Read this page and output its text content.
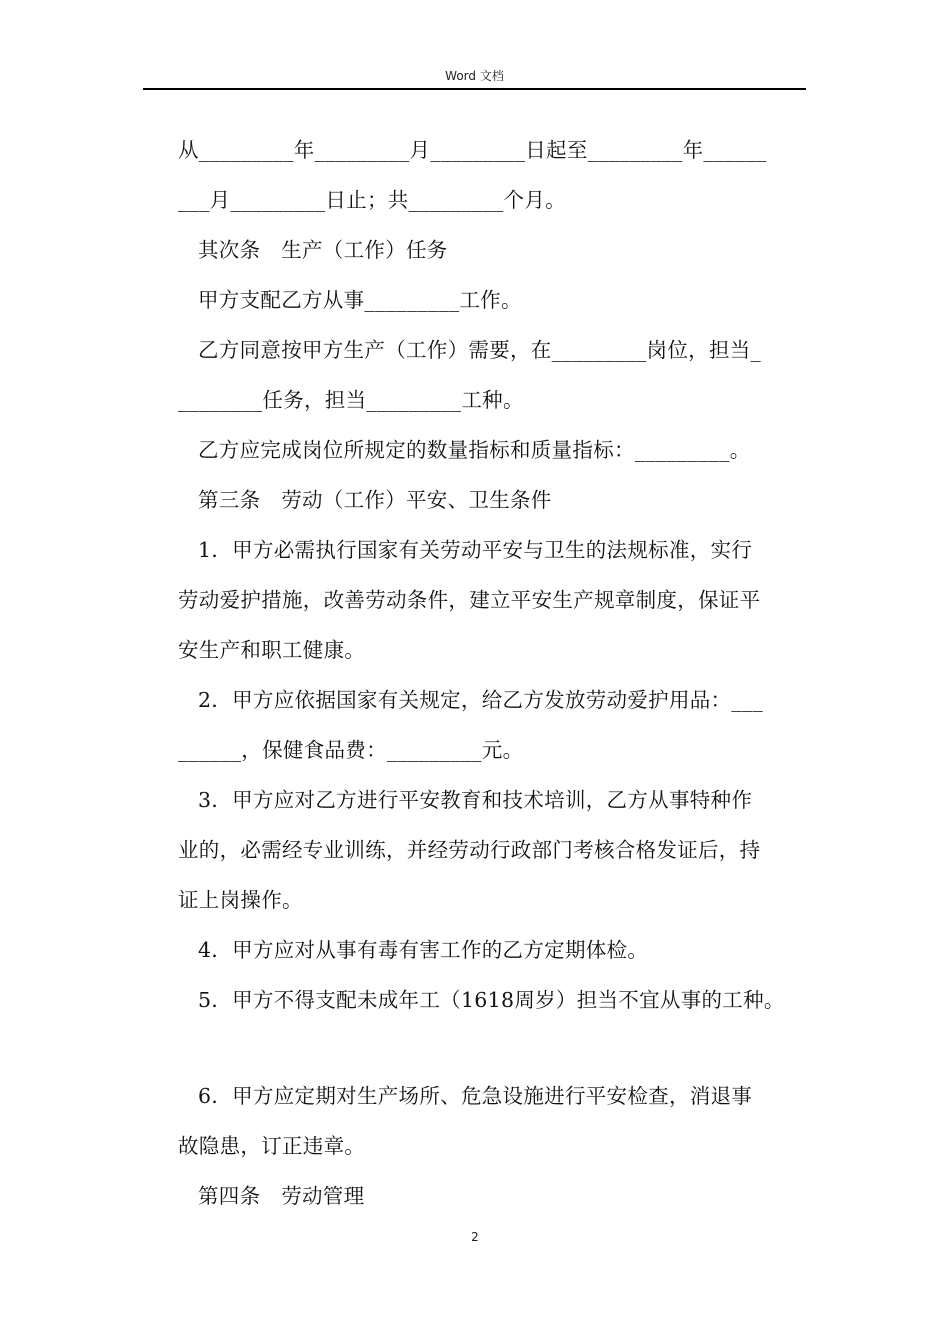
Word 文档
从_________年_________月_________日起至_________年______
___月_________日止；共_________个月。
其次条　生产（工作）任务
甲方支配乙方从事_________工作。
乙方同意按甲方生产（工作）需要，在_________岗位，担当_
________任务，担当_________工种。
乙方应完成岗位所规定的数量指标和质量指标：_________。
第三条　劳动（工作）平安、卫生条件
1．甲方必需执行国家有关劳动平安与卫生的法规标准，实行
劳动爱护措施，改善劳动条件，建立平安生产规章制度，保证平
安生产和职工健康。
2．甲方应依据国家有关规定，给乙方发放劳动爱护用品：___
______，保健食品费：_________元。
3．甲方应对乙方进行平安教育和技术培训，乙方从事特种作
业的，必需经专业训练，并经劳动行政部门考核合格发证后，持
证上岗操作。
4．甲方应对从事有毒有害工作的乙方定期体检。
5．甲方不得支配未成年工（1618周岁）担当不宜从事的工种。
6．甲方应定期对生产场所、危急设施进行平安检查，消退事
故隐患，订正违章。
第四条　劳动管理
2
